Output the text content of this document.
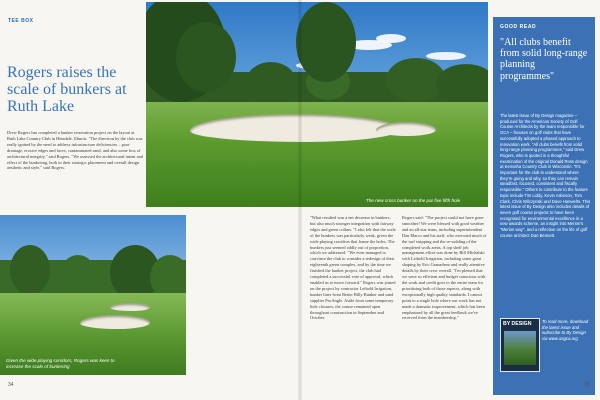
The new cross bunker on the par five fifth hole
TEE BOX
Rogers raises the scale of bunkers at Ruth Lake

Drew Rogers has completed a bunker renovation project on the layout at Ruth Lake Country Club in Hinsdale, Illinois. "The direction by the club was really ignited by the need to address infrastructure deficiencies – poor drainage, erosive edges and faces, contaminated sand, and also some loss of architectural integrity," said Rogers. "We assessed the architectural intent and effect of the bunkering, both in their strategic placement and overall design aesthetic and style," said Rogers.

Given the wide playing corridors, Rogers was keen to increase the scale of bunkering

"What resulted was a net decrease in bunkers, but also much stronger integration with fairway edges and green collars. "I also felt that the scale of the bunkers was particularly weak, given the wide playing corridors that frame the holes. The bunkers just seemed oddly out of proportion, which we addressed. "We even managed to convince the club to consider a redesign of their eighteenth green complex, and by the time we finished the bunker project, the club had completed a successful vote of approval, which enabled us to move forward." Rogers was joined on the project by contractor Leibold Irrigation, bunker liner from Better Billy Bunker and sand supplier ProAngle. Aside from some temporary hole closures, the course remained open throughout construction in September and October.

Rogers said: "The project could not have gone smoother! We were blessed with good weather and an all-star team, including superintendent Dan Marco and his staff, who executed much of the turf stripping and the re-sodding of the completed work areas. A top shelf job management effort was done by Bill Michalski with Leibold Irrigation, including some great shaping by Eric Granadeno and really attentive details by their crew overall. "I'm pleased that we were so efficient and budget conscious with the work and credit goes to the entire team for prioritising both of those aspects, along with exceptionally high quality standards. I cannot point to a single hole where our work has not made a dramatic improvement, which has been emphasised by all the great feedback we've received from the membership."

GOOD READ
"All clubs benefit from solid long-range planning programmes"
The latest issue of By Design magazine – produced for the American Society of Golf Course Architects by the team responsible for GCA – focuses on golf clubs that have successfully adopted a phased approach to renovation work. "All clubs benefit from solid long-range planning programmes," said Drew Rogers, who is quoted in a thoughtful examination of the original Donald Ross design at Kenosha Country Club in Wisconsin. "It's important for the club to understand where they're going and why, so they can remain steadfast, focused, consistent and fiscally responsible." Others to contribute to the feature topic include Tim Liddy, Kevin Atkinson, Tom Clark, Chris Wilczynski and Dave Hanwelts. This latest issue of By Design also includes details of seven golf course projects to have been recognised for environmental excellence in a new awards scheme, an insight into Merion's "Merion way", and a reflection on the life of golf course architect Dan Bennett.
BY DESIGN To read more, download the latest issue and subscribe to By Design via www.asgca.org
34	35
